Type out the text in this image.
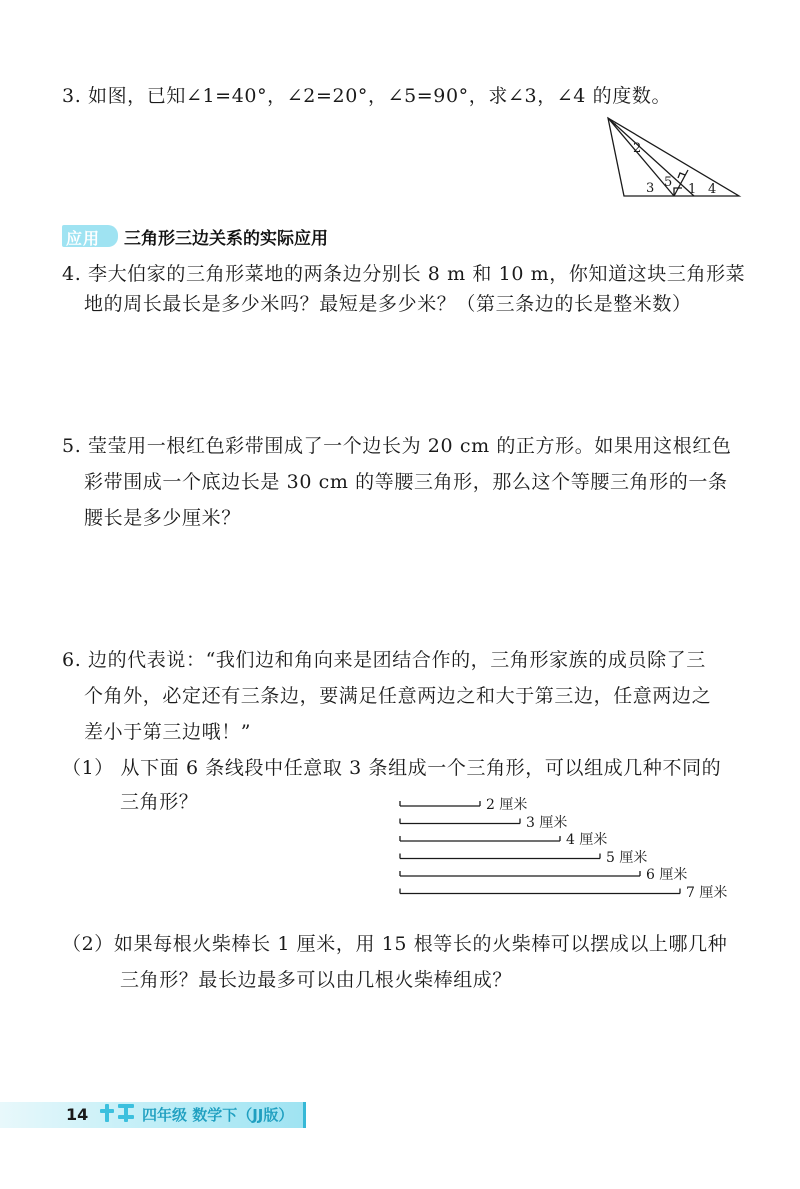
3. 如图，已知∠1=40°，∠2=20°，∠5=90°，求∠3，∠4 的度数。
2
3 5 1 4
应用 2
三角形三边关系的实际应用
4. 李大伯家的三角形菜地的两条边分别长 8 m 和 10 m，你知道这块三角形菜
地的周长最长是多少米吗？最短是多少米？（第三条边的长是整米数）
5. 莹莹用一根红色彩带围成了一个边长为 20 cm 的正方形。如果用这根红色
彩带围成一个底边长是 30 cm 的等腰三角形，那么这个等腰三角形的一条
腰长是多少厘米？
6. 边的代表说：“我们边和角向来是团结合作的，三角形家族的成员除了三
个角外，必定还有三条边，要满足任意两边之和大于第三边，任意两边之
差小于第三边哦！”
（1） 从下面 6 条线段中任意取 3 条组成一个三角形，可以组成几种不同的
三角形？	2 厘米
3 厘米
4 厘米
5 厘米
6 厘米
7 厘米
（2）如果每根火柴棒长 1 厘米，用 15 根等长的火柴棒可以摆成以上哪几种
三角形？最长边最多可以由几根火柴棒组成？
14	四年级 数学下（JJ版）
